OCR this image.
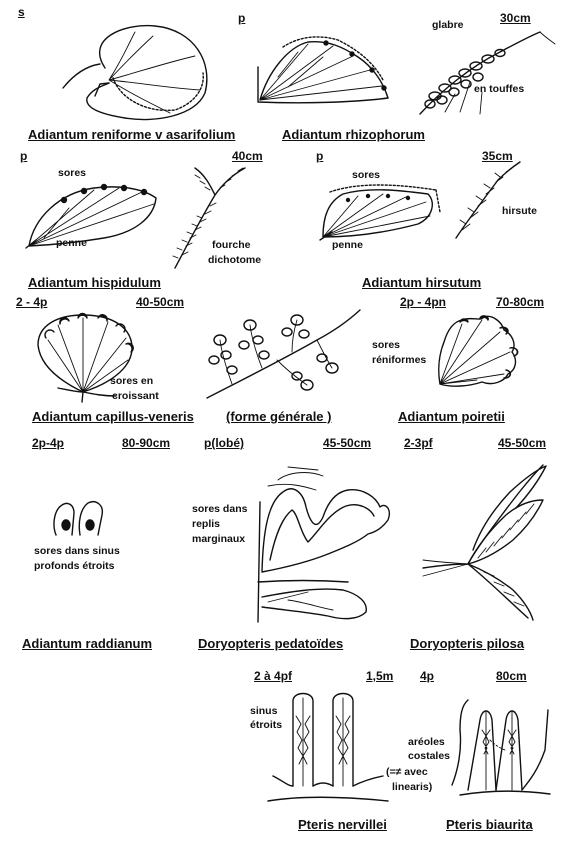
s
Adiantum reniforme v asarifolium
p	30cm
glabre
en touffes
Adiantum rhizophorum
p	40cm
sores
penne	fourche
dichotome
Adiantum hispidulum
p	35cm
sores
penne
hirsute
Adiantum hirsutum
2 - 4p	40-50cm
sores en
croissant
Adiantum capillus-veneris (forme générale )
2p - 4pn	70-80cm
sores
réniformes
Adiantum poiretii
2p-4p	80-90cm
sores dans sinus
profonds étroits
Adiantum raddianum
p(lobé)	45-50cm
sores dans
replis
marginaux
Doryopteris pedatoïdes
2-3pf	45-50cm
Doryopteris pilosa
2 à 4pf	1,5m
sinus
étroits
Pteris nervillei
4p	80cm
aréoles
costales
(=≠ avec
linearis)
Pteris biaurita
